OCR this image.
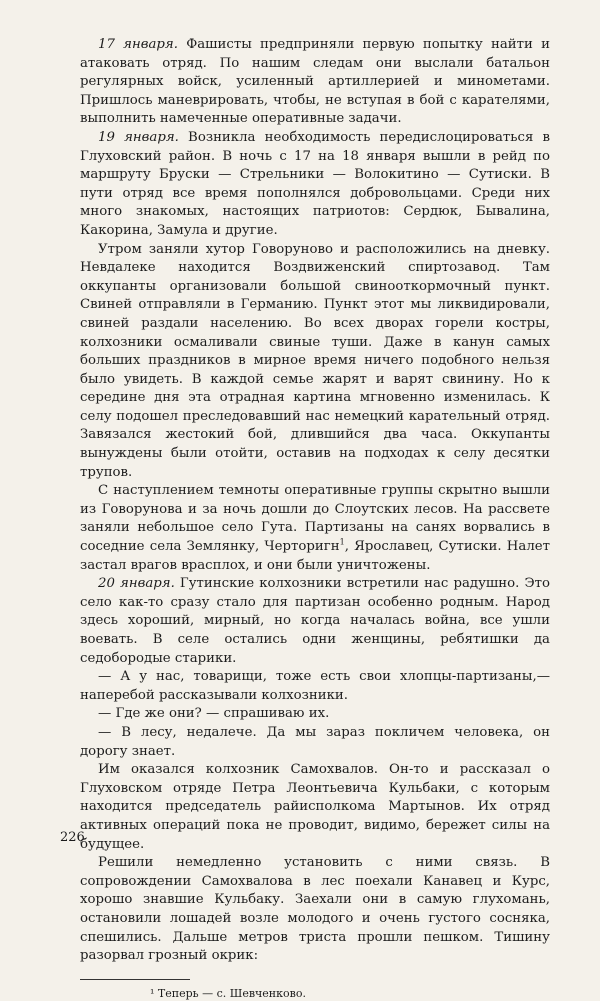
17 января. Фашисты предприняли первую попытку найти и атаковать отряд. По нашим следам они выслали батальон регулярных войск, усиленный артиллерией и минометами. Пришлось маневрировать, чтобы, не вступая в бой с карателями, выполнить намеченные оперативные задачи.

19 января. Возникла необходимость передислоцироваться в Глуховский район. В ночь с 17 на 18 января вышли в рейд по маршруту Бруски — Стрельники — Волокитино — Сутиски. В пути отряд все время пополнялся добровольцами. Среди них много знакомых, настоящих патриотов: Сердюк, Бывалина, Какорина, Замула и другие.

Утром заняли хутор Говоруново и расположились на дневку. Невдалеке находится Воздвиженский спиртозавод. Там оккупанты организовали большой свинооткормочный пункт. Свиней отправляли в Германию. Пункт этот мы ликвидировали, свиней раздали населению. Во всех дворах горели костры, колхозники осмаливали свиные туши. Даже в канун самых больших праздников в мирное время ничего подобного нельзя было увидеть. В каждой семье жарят и варят свинину. Но к середине дня эта отрадная картина мгновенно изменилась. К селу подошел преследовавший нас немецкий карательный отряд. Завязался жестокий бой, длившийся два часа. Оккупанты вынуждены были отойти, оставив на подходах к селу десятки трупов.

С наступлением темноты оперативные группы скрытно вышли из Говорунова и за ночь дошли до Слоутских лесов. На рассвете заняли небольшое село Гута. Партизаны на санях ворвались в соседние села Землянку, Черторигн$^1$, Ярославец, Сутиски. Налет застал врагов врасплох, и они были уничтожены.

20 января. Гутинские колхозники встретили нас радушно. Это село как-то сразу стало для партизан особенно родным. Народ здесь хороший, мирный, но когда началась война, все ушли воевать. В селе остались одни женщины, ребятишки да седобородые старики.

— А у нас, товарищи, тоже есть свои хлопцы-партизаны,— наперебой рассказывали колхозники.

— Где же они? — спрашиваю их.

— В лесу, недалече. Да мы зараз покличем человека, он дорогу знает.

Им оказался колхозник Самохвалов. Он-то и рассказал о Глуховском отряде Петра Леонтьевича Кульбаки, с которым находится председатель райисполкома Мартынов. Их отряд активных операций пока не проводит, видимо, бережет силы на будущее.

Решили немедленно установить с ними связь. В сопровождении Самохвалова в лес поехали Канавец и Курс, хорошо знавшие Кульбаку. Заехали они в самую глухомань, остановили лошадей возле молодого и очень густого сосняка, спешились. Дальше метров триста прошли пешком. Тишину разорвал грозный окрик:

¹ Теперь — с. Шевченково.
226
